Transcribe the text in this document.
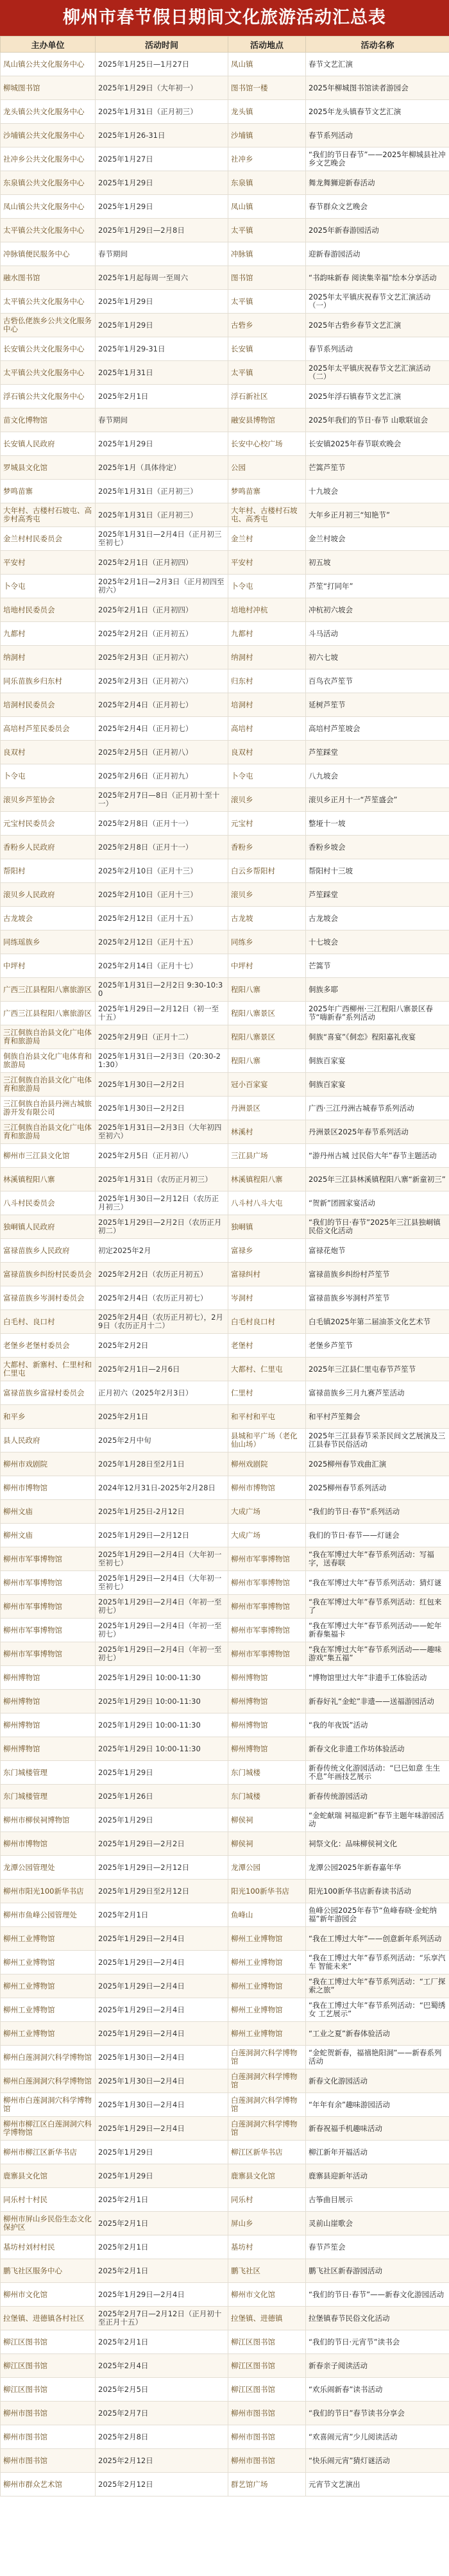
柳州市春节假日期间文化旅游活动汇总表
主办单位	活动时间	活动地点	活动名称
凤山镇公共文化服务中心	2025年1月25日—1月27日	凤山镇	春节文艺汇演
柳城图书馆	2025年1月29日（大年初一）	图书馆一楼	2025年柳城图书馆读者游园会
龙头镇公共文化服务中心	2025年1月31日（正月初三）	龙头镇	2025年龙头镇春节文艺汇演
沙埔镇公共文化服务中心	2025年1月26-31日	沙埔镇	春节系列活动
社冲乡公共文化服务中心	2025年1月27日	社冲乡	“我们的节日春节”——2025年柳城县社冲乡文艺晚会
东泉镇公共文化服务中心	2025年1月29日	东泉镇	舞龙舞狮迎新春活动
凤山镇公共文化服务中心	2025年1月29日	凤山镇	春节群众文艺晚会
太平镇公共文化服务中心	2025年1月29日—2月8日	太平镇	2025年新春游园活动
冲脉镇便民服务中心	春节期间	冲脉镇	迎新春游园活动
融水图书馆	2025年1月起每周一至周六	图书馆	“书韵味新春 阅读集幸福”绘本分享活动
太平镇公共文化服务中心	2025年1月29日	太平镇	2025年太平镇庆祝春节文艺汇演活动（一）
古砦仫佬族乡公共文化服务中心	2025年1月29日	古砦乡	2025年古砦乡春节文艺汇演
长安镇公共文化服务中心	2025年1月29-31日	长安镇	春节系列活动
太平镇公共文化服务中心	2025年1月31日	太平镇	2025年太平镇庆祝春节文艺汇演活动（二）
浮石镇公共文化服务中心	2025年2月1日	浮石新社区	2025年浮石镇春节文艺汇演
苗文化博物馆	春节期间	融安县博物馆	2025年我们的节日·春节 山歌联谊会
长安镇人民政府	2025年1月29日	长安中心校广场	长安镇2025年春节联欢晚会
罗城县文化馆	2025年1月（具体待定）	公园	芒篙芦笙节
梦鸣苗寨	2025年1月31日（正月初三）	梦鸣苗寨	十九坡会
大年村、古楼村石坡屯、高步村高秀屯	2025年1月31日（正月初三）	大年村、古楼村石坡屯、高秀屯	大年乡正月初三“知艳节”
金兰村村民委员会	2025年1月31日—2月4日（正月初三至初七）	金兰村	金兰村坡会
平安村	2025年2月1日（正月初四）	平安村	初五坡
卜令屯	2025年2月1日—2月3日（正月初四至初六）	卜令屯	芦笙“打同年”
培地村民委员会	2025年2月1日（正月初四）	培地村冲杭	冲杭初六坡会
九都村	2025年2月2日（正月初五）	九都村	斗马活动
纳洞村	2025年2月3日（正月初六）	纳洞村	初六七坡
同乐苗族乡归东村	2025年2月3日（正月初六）	归东村	百鸟衣芦笙节
培洞村民委员会	2025年2月4日（正月初七）	培洞村	延树芦笙节
高培村芦笙民委员会	2025年2月4日（正月初七）	高培村	高培村芦笙坡会
良双村	2025年2月5日（正月初八）	良双村	芦笙踩堂
卜令屯	2025年2月6日（正月初九）	卜令屯	八九坡会
滚贝乡芦笙协会	2025年2月7日—8日（正月初十至十一）	滚贝乡	滚贝乡正月十一“芦笙盛会”
元宝村民委员会	2025年2月8日（正月十一）	元宝村	整垭十一坡
香粉乡人民政府	2025年2月8日（正月十一）	香粉乡	香粉乡坡会
帮阳村	2025年2月10日（正月十三）	白云乡帮阳村	帮阳村十三坡
滚贝乡人民政府	2025年2月10日（正月十三）	滚贝乡	芦笙踩堂
古龙坡会	2025年2月12日（正月十五）	古龙坡	古龙坡会
同练瑶族乡	2025年2月12日（正月十五）	同练乡	十七坡会
中坪村	2025年2月14日（正月十七）	中坪村	芒篙节
广西三江县程阳八寨旅游区	2025年1月31日—2月2日 9:30-10:30	程阳八寨	侗族多耶
广西三江县程阳八寨旅游区	2025年1月29日—2月12日（初一至十五）	程阳八寨景区	2025年广西柳州·三江程阳八寨景区春节“嗨新春”系列活动
三江侗族自治县文化广电体育和旅游局	2025年2月9日（正月十二）	程阳八寨景区	侗族“喜宴”《侗恋》程阳嘉礼夜宴
侗族自治县文化广电体育和旅游局	2025年1月31日—2月3日（20:30-21:30）	程阳八寨	侗族百家宴
三江侗族自治县文化广电体育和旅游局	2025年1月30日—2月2日	冠小百家宴	侗族百家宴
三江侗族自治县丹洲古城旅游开发有限公司	2025年1月30日—2月2日	丹洲景区	广西·三江丹洲古城春节系列活动
三江侗族自治县文化广电体育和旅游局	2025年1月31日—2月3日（大年初四至初六）	林溪村	丹洲景区2025年春节系列活动
柳州市三江县文化馆	2025年2月5日（正月初八）	三江县广场	“游丹州古城 过民俗大年”春节主题活动
林溪镇程阳八寨	2025年1月31日（农历正月初三）	林溪镇程阳八寨	2025年三江县林溪镇程阳八寨“新童初三”
八斗村民委员会	2025年1月30日—2月12日（农历正月初三）	八斗村八斗大屯	“贺新”团圆家宴活动
独峒镇人民政府	2025年1月29日—2月2日（农历正月初二）	独峒镇	“我们的节日·春节”2025年三江县独峒镇民俗文化活动
富禄苗族乡人民政府	初定2025年2月	富禄乡	富禄花炮节
富禄苗族乡纠纷村民委员会	2025年2月2日（农历正月初五）	富禄纠村	富禄苗族乡纠纷村芦笙节
富禄苗族乡岑洞村委员会	2025年2月4日（农历正月初七）	岑洞村	富禄苗族乡岑洞村芦笙节
白毛村、良口村	2025年2月4日（农历正月初七），2月9日（农历正月十二）	白毛村良口村	白毛镇2025年第二届油茶文化艺术节
老堡乡老堡村委员会	2025年2月2日	老堡村	老堡乡芦笙节
大都村、新寨村、仁里村和仁里屯	2025年2月1日—2月6日	大都村、仁里屯	2025年三江县仁里屯春节芦笙节
富禄苗族乡富禄村委员会	正月初六（2025年2月3日）	仁里村	富禄苗族乡三月九赛芦笙活动
和平乡	2025年2月1日	和平村和平屯	和平村芦笙舞会
县人民政府	2025年2月中旬	县城和平广场（老化仙山场）	2025年三江县春节采茶民间文艺展演及三江县春节民俗活动
柳州市戏剧院	2025年1月28日至2月1日	柳州戏剧院	2025柳州春节戏曲汇演
柳州市博物馆	2024年12月31日-2025年2月28日	柳州市博物馆	2025柳州春节系列活动
柳州文庙	2025年1月25日-2月12日	大成广场	“我们的节日·春节”系列活动
柳州文庙	2025年1月29日—2月12日	大成广场	我们的节日·春节——灯谜会
柳州市军事博物馆	2025年1月29日—2月4日（大年初一至初七）	柳州市军事博物馆	“我在军博过大年”春节系列活动：写福字，送春联
柳州市军事博物馆	2025年1月29日—2月4日（大年初一至初七）	柳州市军事博物馆	“我在军博过大年”春节系列活动：猜灯谜
柳州市军事博物馆	2025年1月29日—2月4日（年初一至初七）	柳州市军事博物馆	“我在军博过大年”春节系列活动：红包来了
柳州市军事博物馆	2025年1月29日—2月4日（年初一至初七）	柳州市军事博物馆	“我在军博过大年”春节系列活动——蛇年新春集福卡
柳州市军事博物馆	2025年1月29日—2月4日（年初一至初七）	柳州市军事博物馆	“我在军博过大年”春节系列活动——趣味游戏“集五福”
柳州博物馆	2025年1月29日 10:00-11:30	柳州博物馆	“博物馆里过大年”非遗手工体验活动
柳州博物馆	2025年1月29日 10:00-11:30	柳州博物馆	新春好礼“金蛇”非遗——送福游园活动
柳州博物馆	2025年1月29日 10:00-11:30	柳州博物馆	“我的年夜饭”活动
柳州博物馆	2025年1月29日 10:00-11:30	柳州博物馆	新春文化非遗工作坊体验活动
东门城楼管理	2025年1月29日	东门城楼	新春传统文化游园活动：“巳巳如意 生生不息”年画技艺展示
东门城楼管理	2025年1月26日	东门城楼	新春传统游园活动
柳州市柳侯祠博物馆	2025年1月29日	柳侯祠	“金蛇献瑞 祠福迎新”春节主题年味游园活动
柳州市博物馆	2025年1月29日—2月2日	柳侯祠	祠祭文化：品味柳侯祠文化
龙潭公园管理处	2025年1月29日—2月12日	龙潭公园	龙潭公园2025年新春嘉年华
柳州市阳光100新华书店	2025年1月29日至2月12日	阳光100新华书店	阳光100新华书店新春读书活动
柳州市鱼峰公园管理处	2025年2月1日	鱼峰山	鱼峰公园2025年春节“鱼峰春晓·金蛇纳福”新年游园会
柳州工业博物馆	2025年1月29日—2月4日	柳州工业博物馆	“我在工博过大年”——创意新年系列活动
柳州工业博物馆	2025年1月29日—2月4日	柳州工业博物馆	“我在工博过大年”春节系列活动：“乐享汽车 智能未来”
柳州工业博物馆	2025年1月29日—2月4日	柳州工业博物馆	“我在工博过大年”春节系列活动：“工厂探索之旅”
柳州工业博物馆	2025年1月29日—2月4日	柳州工业博物馆	“我在工博过大年”春节系列活动：“巴蜀绣女 工艺展示”
柳州工业博物馆	2025年1月29日—2月4日	柳州工业博物馆	“工业之夏”新春体验活动
柳州白莲洞洞穴科学博物馆	2025年1月30日—2月4日	白莲洞洞穴科学博物馆	“金蛇贺新春，福禧艳阳洞”——新春系列活动
柳州白莲洞洞穴科学博物馆	2025年1月30日—2月4日	白莲洞洞穴科学博物馆	新春文化游园活动
柳州市白莲洞洞穴科学博物馆	2025年1月30日—2月4日	白莲洞洞穴科学博物馆	“年年有余”趣味游园活动
柳州市柳江区白莲洞洞穴科学博物馆	2025年1月29日—2月4日	白莲洞洞穴科学博物馆	新春祝福手机趣味活动
柳州市柳江区新华书店	2025年1月29日	柳江区新华书店	柳江新年开福活动
鹿寨县文化馆	2025年1月29日	鹿寨县文化馆	鹿寨县迎新年活动
同乐村十村民	2025年2月1日	同乐村	古筝曲目展示
柳州市屏山乡民俗生态文化保护区	2025年2月1日	屏山乡	灵前山崖歌会
基坊村刘村村民	2025年2月1日	基坊村	春节芦笙会
鹏飞社区服务中心	2025年2月1日	鹏飞社区	鹏飞社区新春游园活动
柳州市文化馆	2025年1月29日—2月4日	柳州市文化馆	“我们的节日·春节”——新春文化游园活动
拉堡镇、进德镇各村社区	2025年2月7日—2月12日（正月初十至正月十五）	拉堡镇、进德镇	拉堡镇春节民俗文化活动
柳江区图书馆	2025年2月1日	柳江区图书馆	“我们的节日·元宵节”读书会
柳江区图书馆	2025年2月4日	柳江区图书馆	新春亲子阅读活动
柳江区图书馆	2025年2月5日	柳江区图书馆	“欢乐闹新春”读书活动
柳州市图书馆	2025年2月7日	柳州市图书馆	“我们的节日”春节读书分享会
柳州市图书馆	2025年2月8日	柳州市图书馆	“欢喜闹元宵”少儿阅读活动
柳州市图书馆	2025年2月12日	柳州市图书馆	“快乐闹元宵”猜灯谜活动
柳州市群众艺术馆	2025年2月12日	群艺馆广场	元宵节文艺演出
